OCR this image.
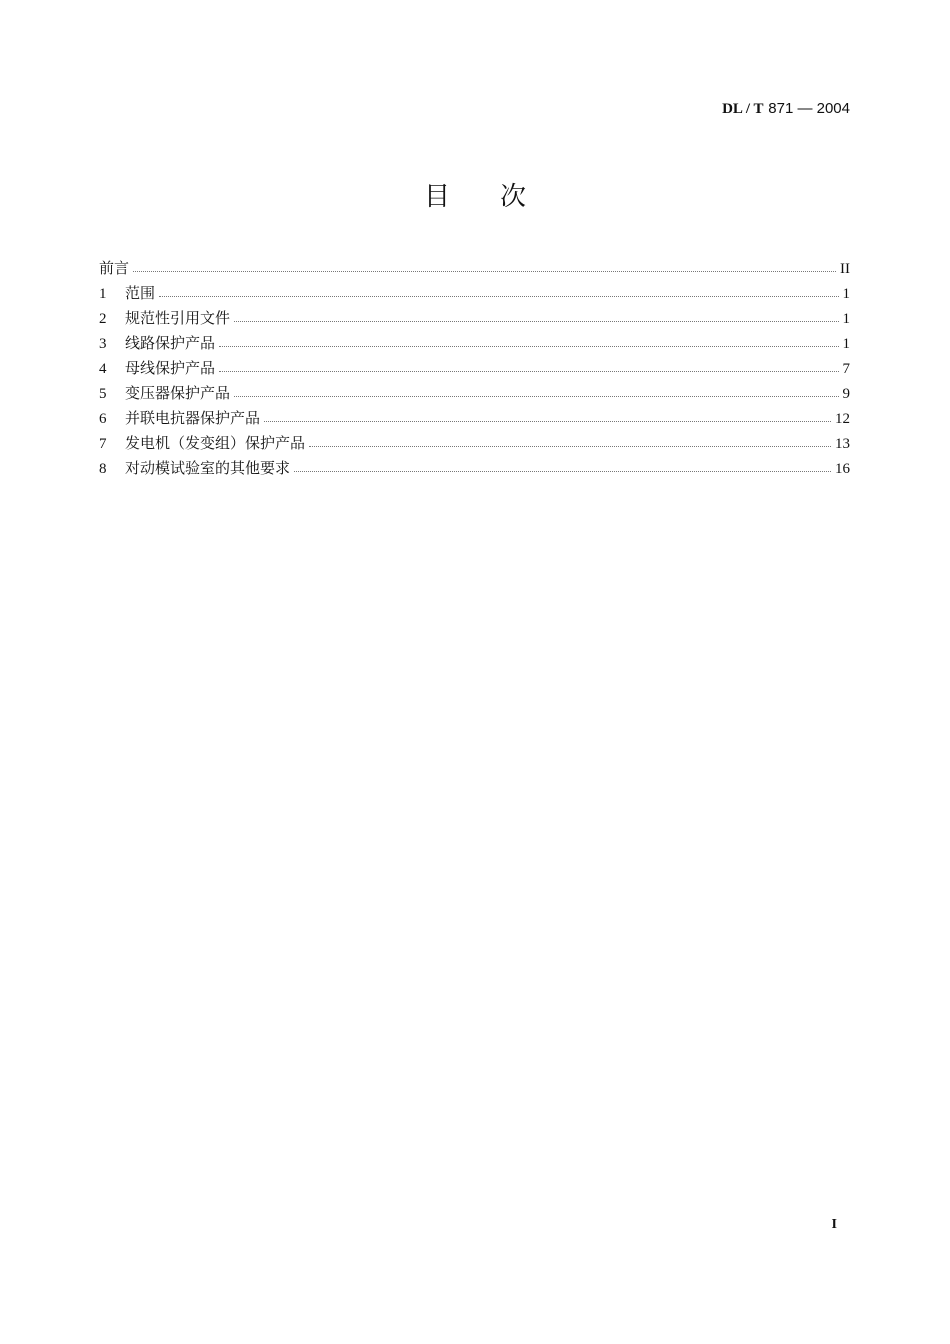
DL / T 871 — 2004
目 次
前言	II
1	范围	1
2	规范性引用文件	1
3	线路保护产品	1
4	母线保护产品	7
5	变压器保护产品	9
6	并联电抗器保护产品	12
7	发电机（发变组）保护产品	13
8	对动模试验室的其他要求	16
I
